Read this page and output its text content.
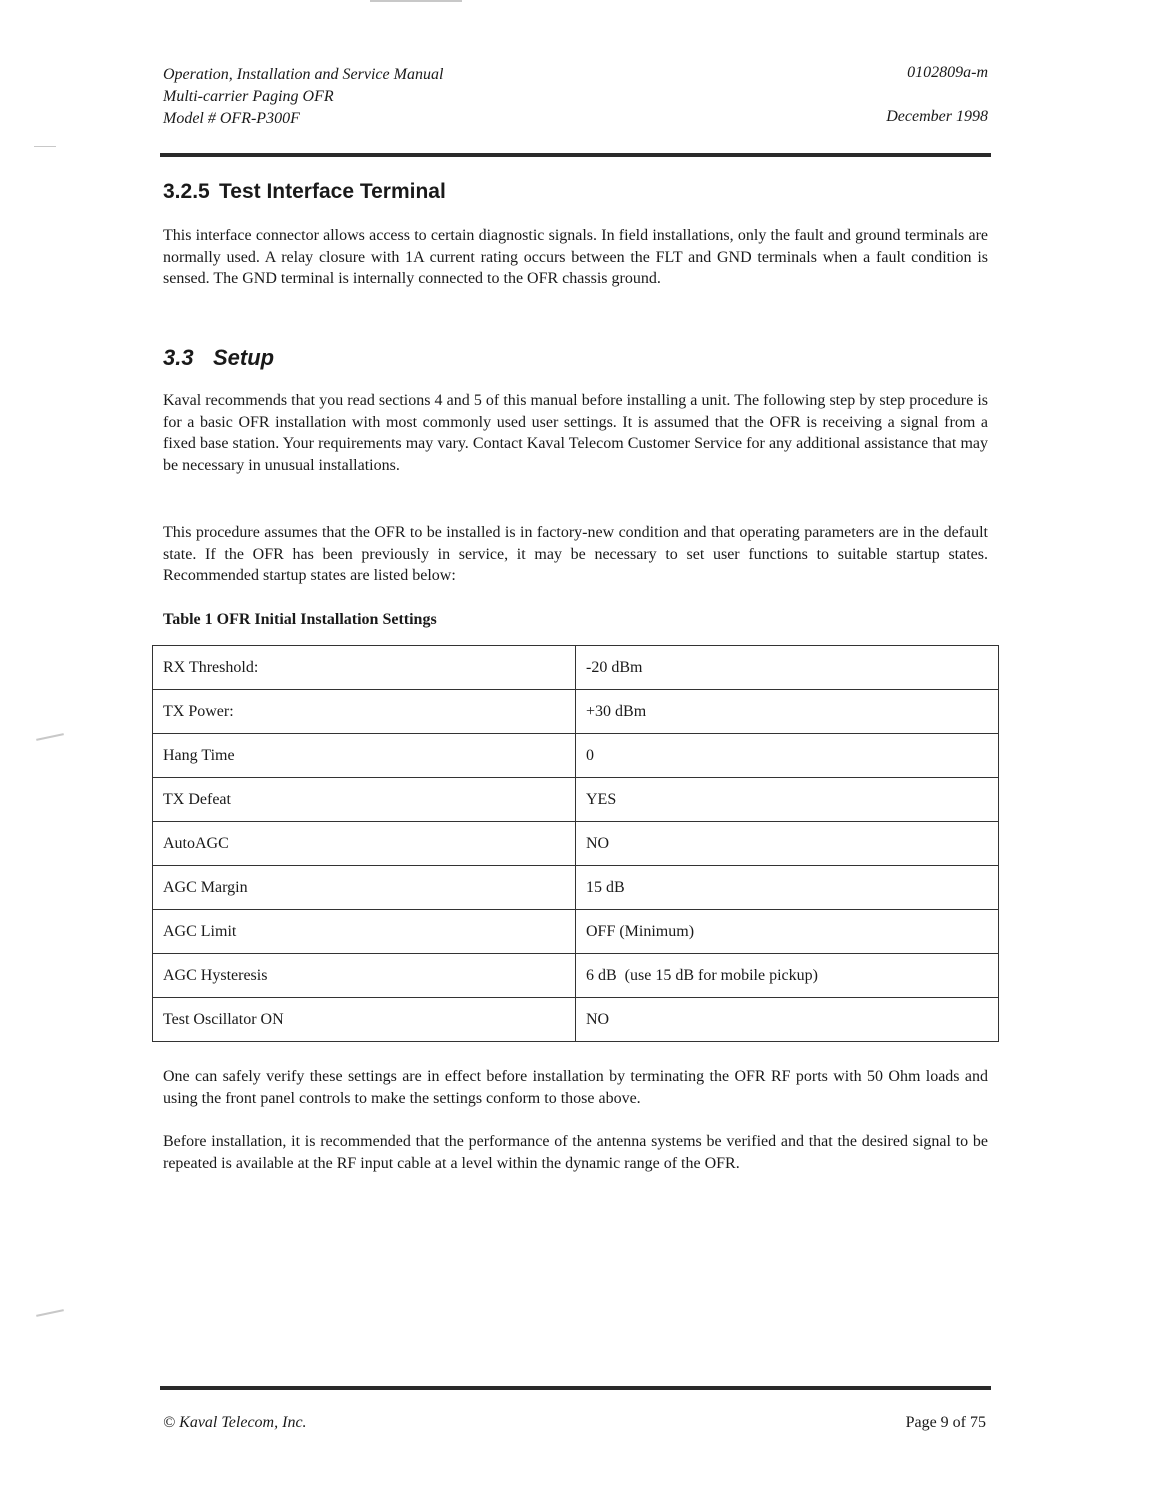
Operation, Installation and Service Manual
Multi-carrier Paging OFR
Model # OFR-P300F
0102809a-m
December 1998
3.2.5 Test Interface Terminal

This interface connector allows access to certain diagnostic signals. In field installations, only the fault and ground terminals are normally used. A relay closure with 1A current rating occurs between the FLT and GND terminals when a fault condition is sensed. The GND terminal is internally connected to the OFR chassis ground.

3.3 Setup

Kaval recommends that you read sections 4 and 5 of this manual before installing a unit. The following step by step procedure is for a basic OFR installation with most commonly used user settings. It is assumed that the OFR is receiving a signal from a fixed base station. Your requirements may vary. Contact Kaval Telecom Customer Service for any additional assistance that may be necessary in unusual installations.

This procedure assumes that the OFR to be installed is in factory-new condition and that operating parameters are in the default state. If the OFR has been previously in service, it may be necessary to set user functions to suitable startup states. Recommended startup states are listed below:

Table 1 OFR Initial Installation Settings

RX Threshold:	-20 dBm
TX Power:	+30 dBm
Hang Time	0
TX Defeat	YES
AutoAGC	NO
AGC Margin	15 dB
AGC Limit	OFF (Minimum)
AGC Hysteresis	6 dB  (use 15 dB for mobile pickup)
Test Oscillator ON	NO

One can safely verify these settings are in effect before installation by terminating the OFR RF ports with 50 Ohm loads and using the front panel controls to make the settings conform to those above.

Before installation, it is recommended that the performance of the antenna systems be verified and that the desired signal to be repeated is available at the RF input cable at a level within the dynamic range of the OFR.

© Kaval Telecom, Inc.	Page 9 of 75
